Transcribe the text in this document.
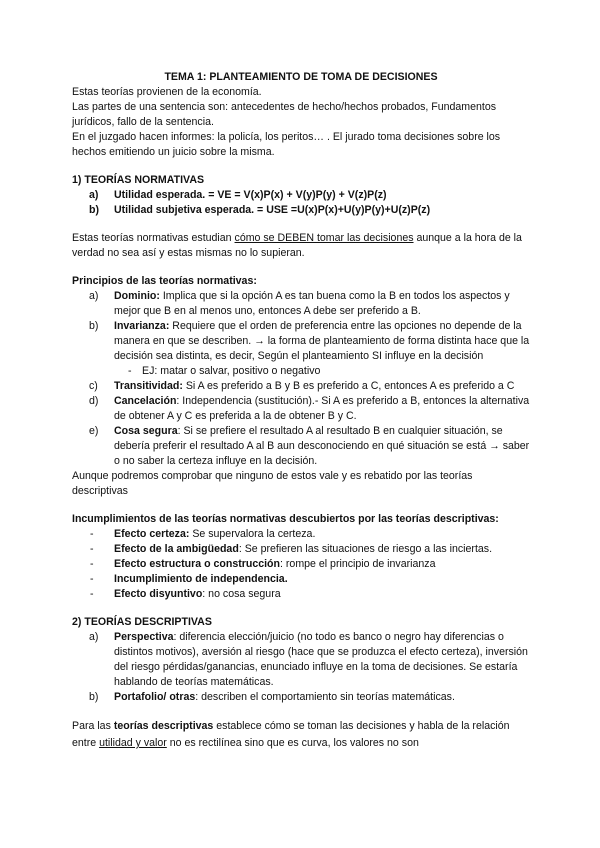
TEMA 1: PLANTEAMIENTO DE TOMA DE DECISIONES

Estas teorías provienen de la economía.

Las partes de una sentencia son: antecedentes de hecho/hechos probados, Fundamentos jurídicos, fallo de la sentencia.

En el juzgado hacen informes: la policía, los peritos… . El jurado toma decisiones sobre los hechos emitiendo un juicio sobre la misma.

1) TEORÍAS NORMATIVAS
a) Utilidad esperada. = VE = V(x)P(x) + V(y)P(y) + V(z)P(z)
b) Utilidad subjetiva esperada. = USE =U(x)P(x)+U(y)P(y)+U(z)P(z)

Estas teorías normativas estudian cómo se DEBEN tomar las decisiones aunque a la hora de la verdad no sea así y estas mismas no lo supieran.

Principios de las teorías normativas:

a) Dominio: Implica que si la opción A es tan buena como la B en todos los aspectos y mejor que B en al menos uno, entonces A debe ser preferido a B.
b) Invarianza: Requiere que el orden de preferencia entre las opciones no depende de la manera en que se describen. → la forma de planteamiento de forma distinta hace que la decisión sea distinta, es decir, Según el planteamiento SI influye en la decisión
- EJ: matar o salvar, positivo o negativo
c) Transitividad: Si A es preferido a B y B es preferido a C, entonces A es preferido a C
d) Cancelación: Independencia (sustitución).- Si A es preferido a B, entonces la alternativa de obtener A y C es preferida a la de obtener B y C.
e) Cosa segura: Si se prefiere el resultado A al resultado B en cualquier situación, se debería preferir el resultado A al B aun desconociendo en qué situación se está → saber o no saber la certeza influye en la decisión.

Aunque podremos comprobar que ninguno de estos vale y es rebatido por las teorías descriptivas

Incumplimientos de las teorías normativas descubiertos por las teorías descriptivas:

- Efecto certeza: Se supervalora la certeza.
- Efecto de la ambigüedad: Se prefieren las situaciones de riesgo a las inciertas.
- Efecto estructura o construcción: rompe el principio de invarianza
- Incumplimiento de independencia.
- Efecto disyuntivo: no cosa segura
2) TEORÍAS DESCRIPTIVAS
a) Perspectiva: diferencia elección/juicio (no todo es banco o negro hay diferencias o distintos motivos), aversión al riesgo (hace que se produzca el efecto certeza), inversión del riesgo pérdidas/ganancias, enunciado influye en la toma de decisiones. Se estaría hablando de teorías matemáticas.
b) Portafolio/ otras: describen el comportamiento sin teorías matemáticas.

Para las teorías descriptivas establece cómo se toman las decisiones y habla de la relación entre utilidad y valor no es rectilínea sino que es curva, los valores no son
